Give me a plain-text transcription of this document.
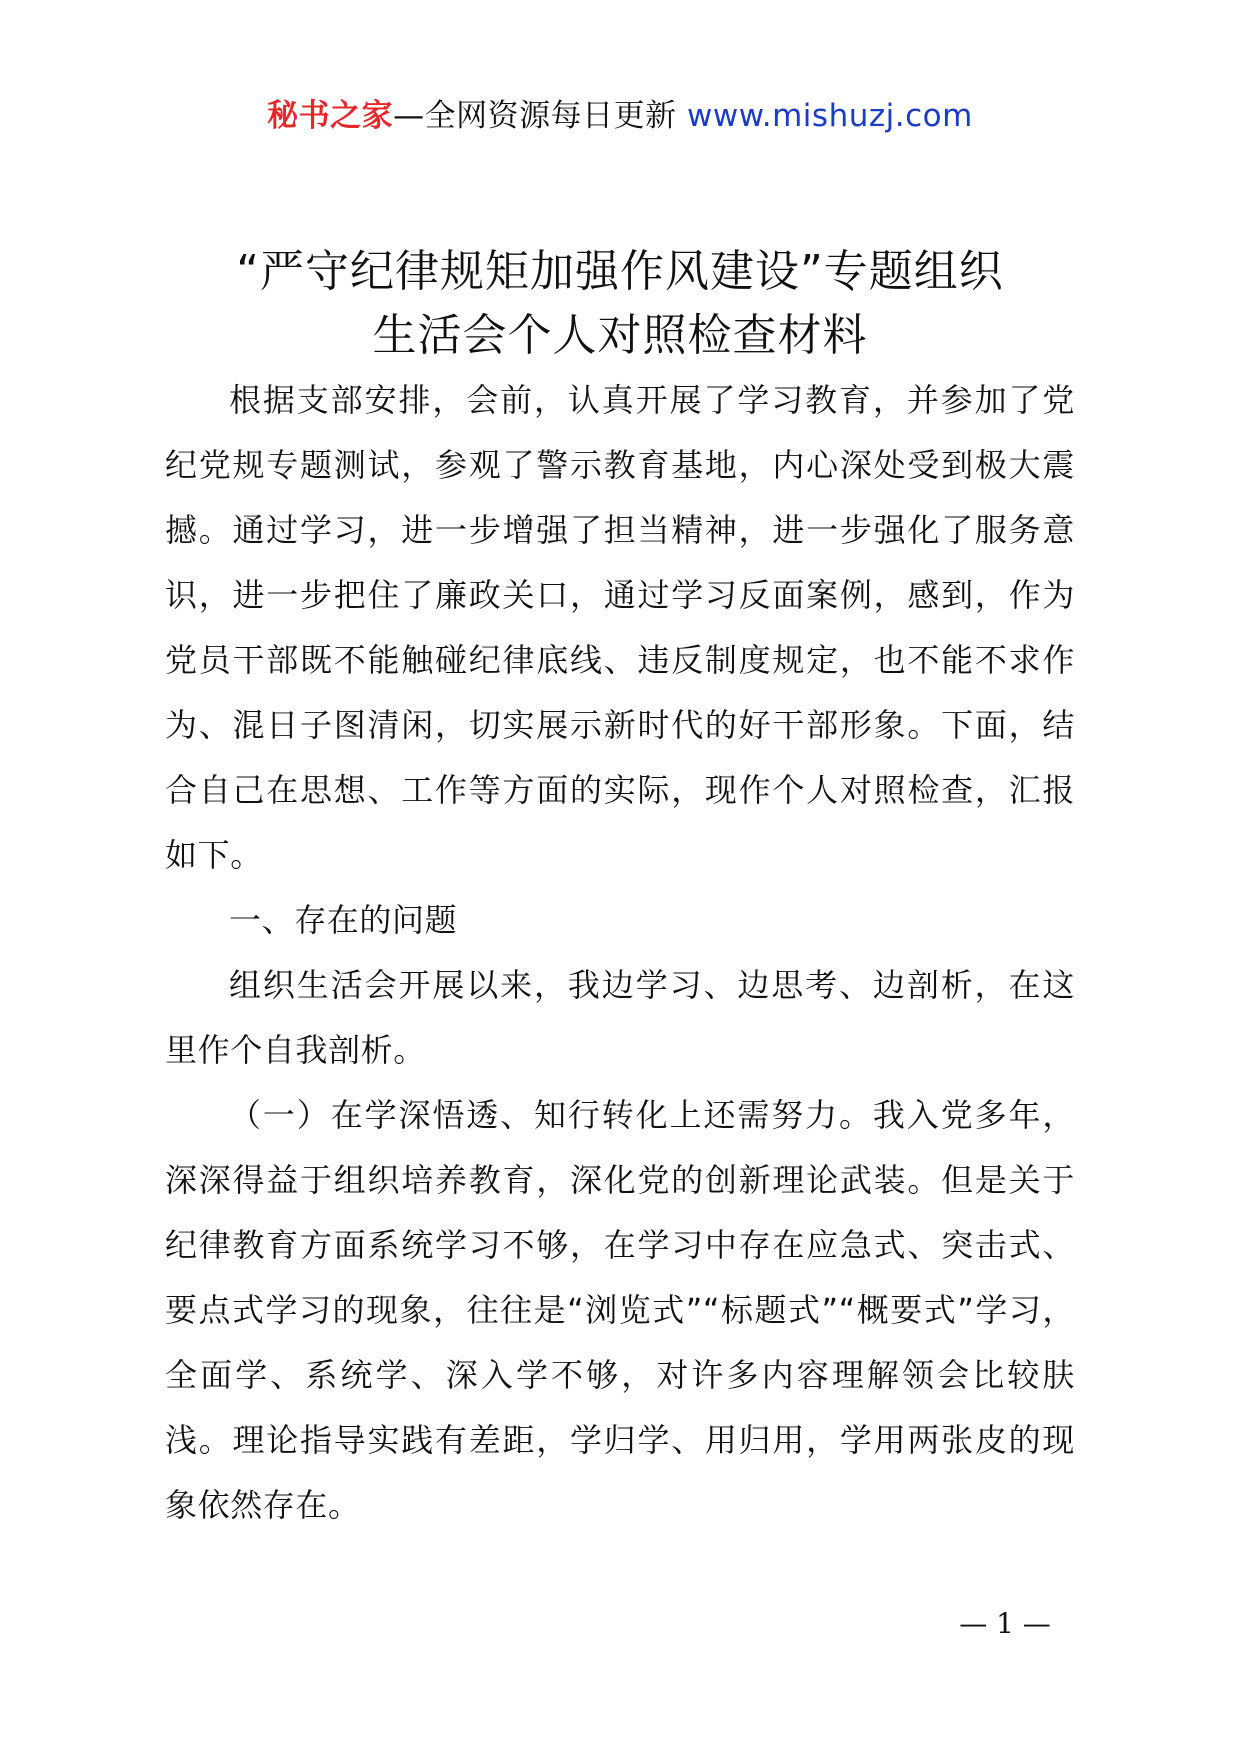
秘书之家—全网资源每日更新 www.mishuzj.com
“严守纪律规矩加强作风建设”专题组织
生活会个人对照检查材料

根据支部安排，会前，认真开展了学习教育，并参加了党纪党规专题测试，参观了警示教育基地，内心深处受到极大震撼。通过学习，进一步增强了担当精神，进一步强化了服务意识，进一步把住了廉政关口，通过学习反面案例，感到，作为党员干部既不能触碰纪律底线、违反制度规定，也不能不求作为、混日子图清闲，切实展示新时代的好干部形象。下面，结合自己在思想、工作等方面的实际，现作个人对照检查，汇报如下。

一、存在的问题

组织生活会开展以来，我边学习、边思考、边剖析，在这里作个自我剖析。

（一）在学深悟透、知行转化上还需努力。我入党多年，深深得益于组织培养教育，深化党的创新理论武装。但是关于纪律教育方面系统学习不够，在学习中存在应急式、突击式、要点式学习的现象，往往是“浏览式”“标题式”“概要式”学习，全面学、系统学、深入学不够，对许多内容理解领会比较肤浅。理论指导实践有差距，学归学、用归用，学用两张皮的现象依然存在。

— 1 —
